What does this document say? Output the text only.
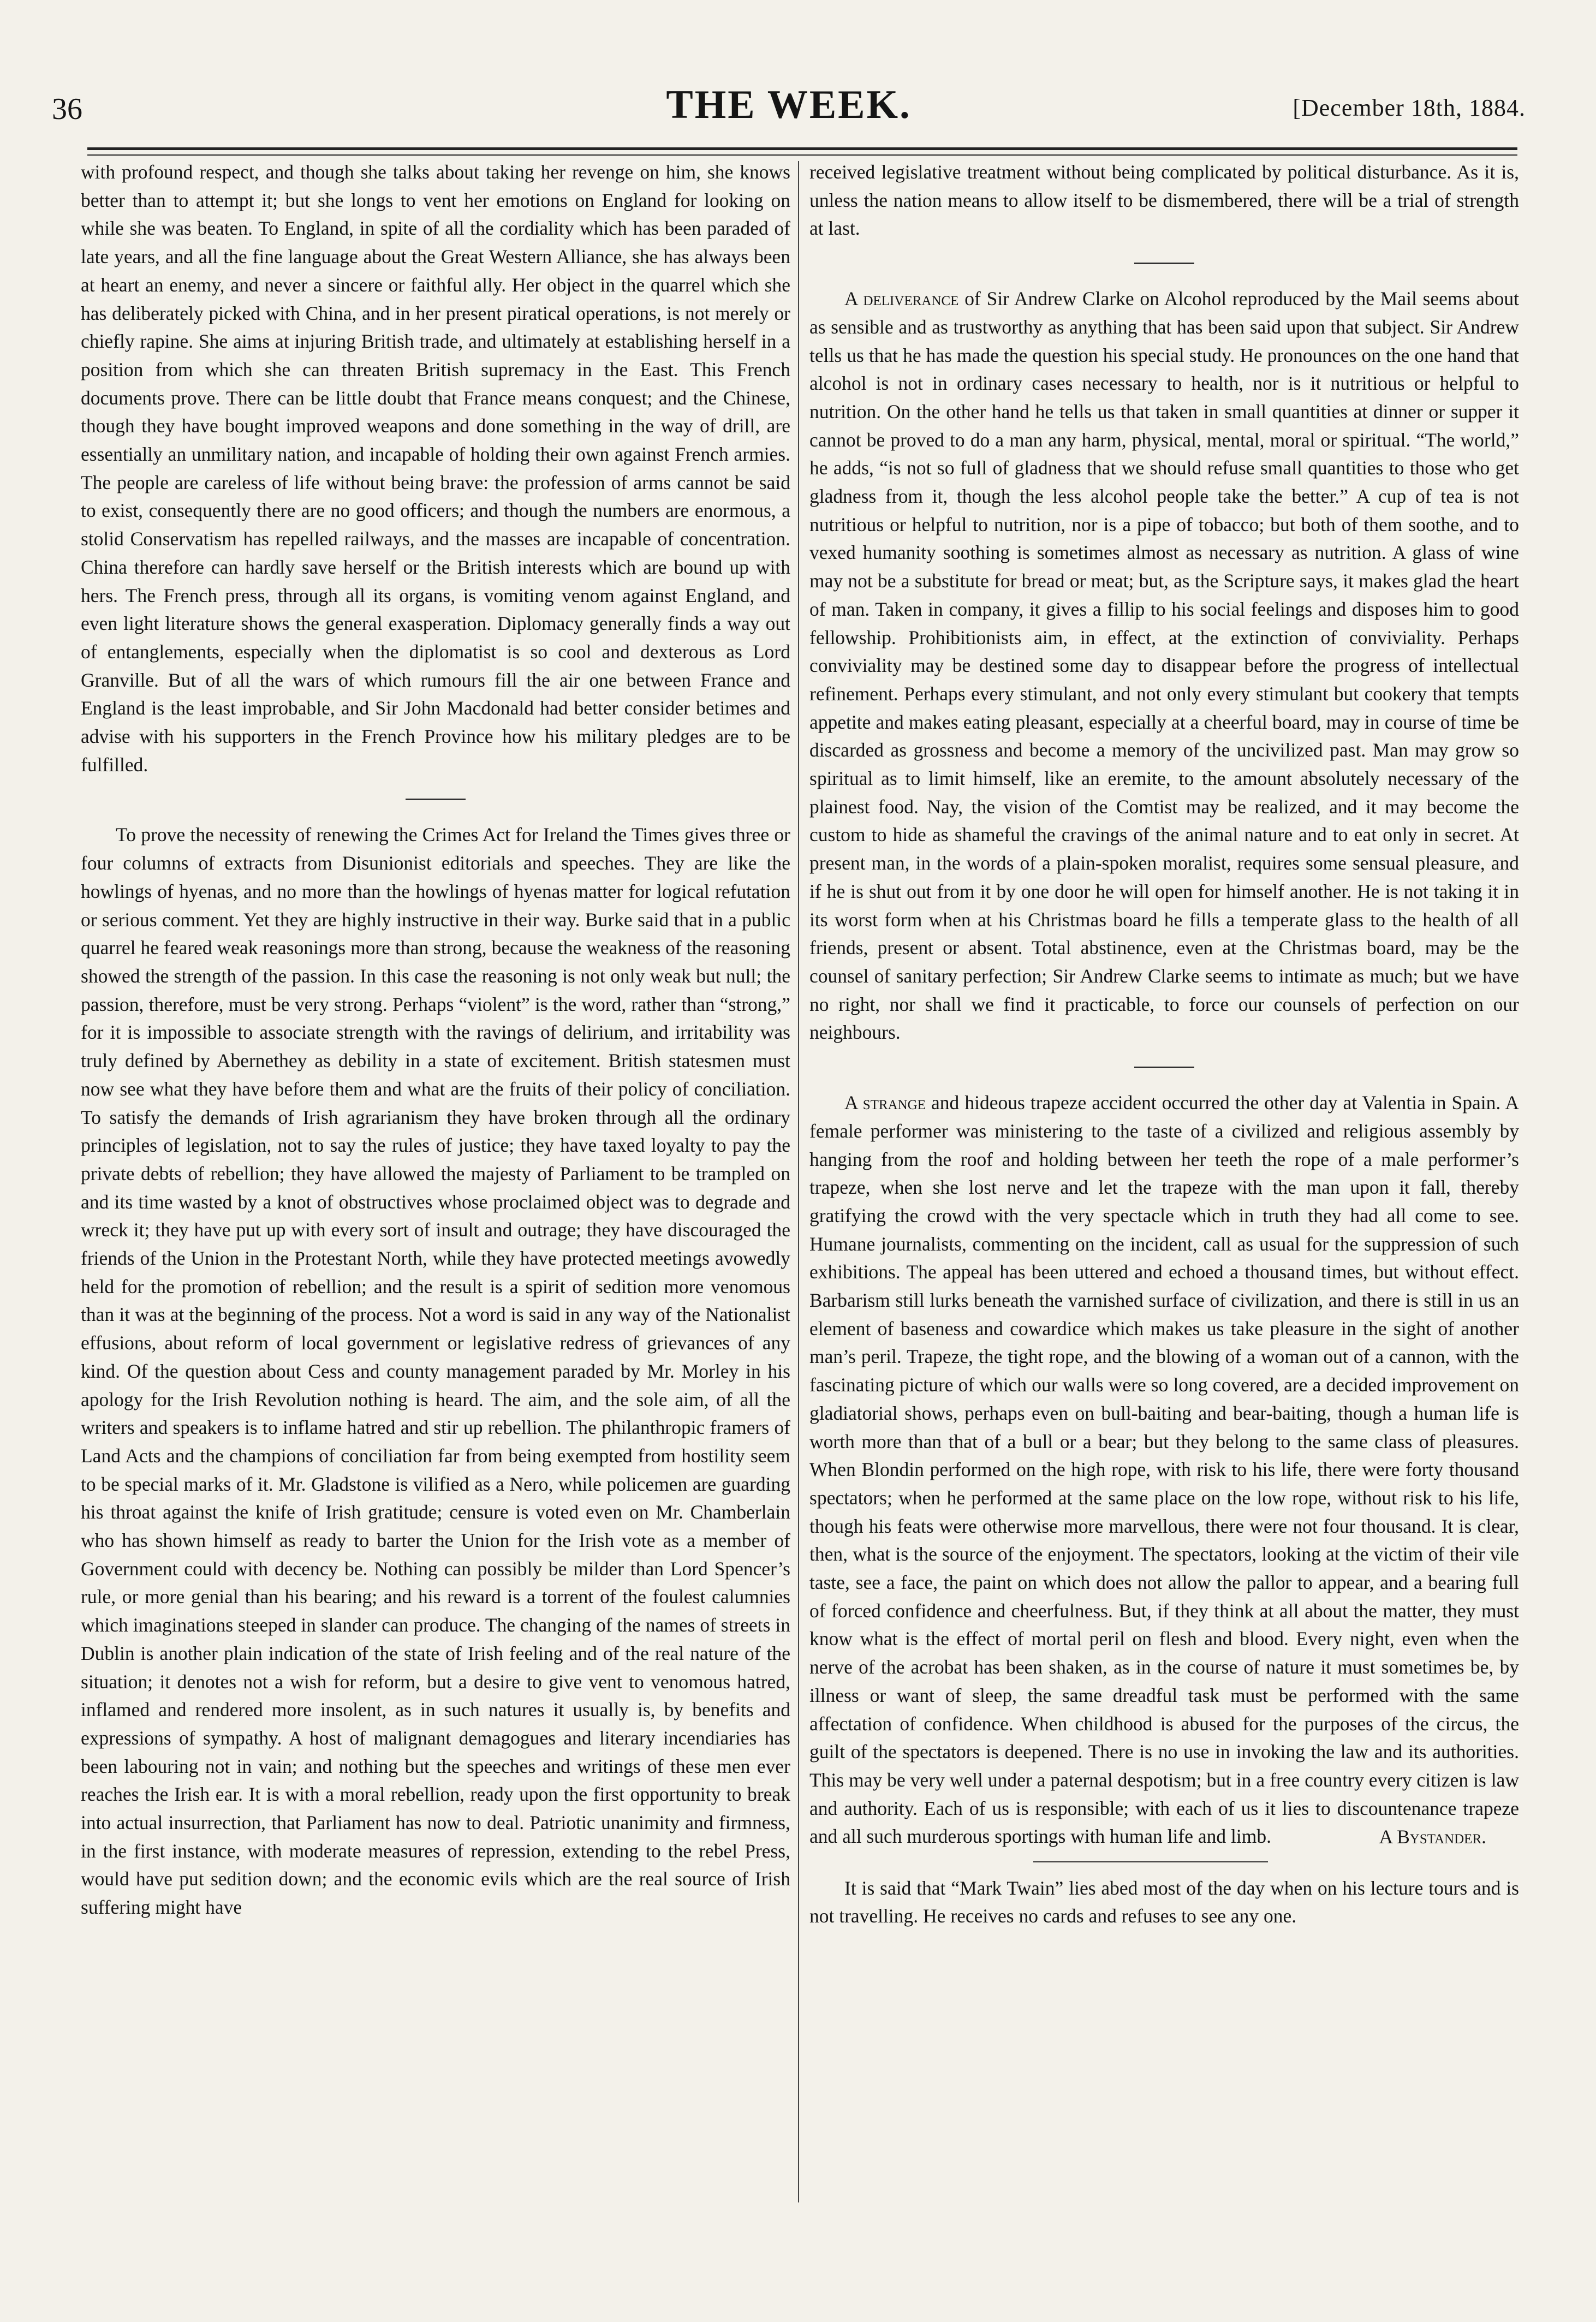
36	THE WEEK.	[December 18th, 1884.

with profound respect, and though she talks about taking her revenge on him, she knows better than to attempt it; but she longs to vent her emotions on England for looking on while she was beaten. To England, in spite of all the cordiality which has been paraded of late years, and all the fine language about the Great Western Alliance, she has always been at heart an enemy, and never a sincere or faithful ally. Her object in the quarrel which she has deliberately picked with China, and in her present piratical operations, is not merely or chiefly rapine. She aims at injuring British trade, and ultimately at establishing herself in a position from which she can threaten British supremacy in the East. This French documents prove. There can be little doubt that France means conquest; and the Chinese, though they have bought improved weapons and done something in the way of drill, are essentially an unmilitary nation, and incapable of holding their own against French armies. The people are careless of life without being brave: the profession of arms cannot be said to exist, consequently there are no good officers; and though the numbers are enormous, a stolid Conservatism has repelled railways, and the masses are incapable of concentration. China therefore can hardly save herself or the British interests which are bound up with hers. The French press, through all its organs, is vomiting venom against England, and even light literature shows the general exasperation. Diplomacy generally finds a way out of entanglements, especially when the diplomatist is so cool and dexterous as Lord Granville. But of all the wars of which rumours fill the air one between France and England is the least improbable, and Sir John Macdonald had better consider betimes and advise with his supporters in the French Province how his military pledges are to be fulfilled.

To prove the necessity of renewing the Crimes Act for Ireland the Times gives three or four columns of extracts from Disunionist editorials and speeches. They are like the howlings of hyenas, and no more than the howlings of hyenas matter for logical refutation or serious comment. Yet they are highly instructive in their way. Burke said that in a public quarrel he feared weak reasonings more than strong, because the weakness of the reasoning showed the strength of the passion. In this case the reasoning is not only weak but null; the passion, therefore, must be very strong. Perhaps “violent” is the word, rather than “strong,” for it is impossible to associate strength with the ravings of delirium, and irritability was truly defined by Abernethey as debility in a state of excitement. British statesmen must now see what they have before them and what are the fruits of their policy of conciliation. To satisfy the demands of Irish agrarianism they have broken through all the ordinary principles of legislation, not to say the rules of justice; they have taxed loyalty to pay the private debts of rebellion; they have allowed the majesty of Parliament to be trampled on and its time wasted by a knot of obstructives whose proclaimed object was to degrade and wreck it; they have put up with every sort of insult and outrage; they have discouraged the friends of the Union in the Protestant North, while they have protected meetings avowedly held for the promotion of rebellion; and the result is a spirit of sedition more venomous than it was at the beginning of the process. Not a word is said in any way of the Nationalist effusions, about reform of local government or legislative redress of grievances of any kind. Of the question about Cess and county management paraded by Mr. Morley in his apology for the Irish Revolution nothing is heard. The aim, and the sole aim, of all the writers and speakers is to inflame hatred and stir up rebellion. The philanthropic framers of Land Acts and the champions of conciliation far from being exempted from hostility seem to be special marks of it. Mr. Gladstone is vilified as a Nero, while policemen are guarding his throat against the knife of Irish gratitude; censure is voted even on Mr. Chamberlain who has shown himself as ready to barter the Union for the Irish vote as a member of Government could with decency be. Nothing can possibly be milder than Lord Spencer’s rule, or more genial than his bearing; and his reward is a torrent of the foulest calumnies which imaginations steeped in slander can produce. The changing of the names of streets in Dublin is another plain indication of the state of Irish feeling and of the real nature of the situation; it denotes not a wish for reform, but a desire to give vent to venomous hatred, inflamed and rendered more insolent, as in such natures it usually is, by benefits and expressions of sympathy. A host of malignant demagogues and literary incendiaries has been labouring not in vain; and nothing but the speeches and writings of these men ever reaches the Irish ear. It is with a moral rebellion, ready upon the first opportunity to break into actual insurrection, that Parliament has now to deal. Patriotic unanimity and firmness, in the first instance, with moderate measures of repression, extending to the rebel Press, would have put sedition down; and the economic evils which are the real source of Irish suffering might have

received legislative treatment without being complicated by political disturbance. As it is, unless the nation means to allow itself to be dismembered, there will be a trial of strength at last.

A deliverance of Sir Andrew Clarke on Alcohol reproduced by the Mail seems about as sensible and as trustworthy as anything that has been said upon that subject. Sir Andrew tells us that he has made the question his special study. He pronounces on the one hand that alcohol is not in ordinary cases necessary to health, nor is it nutritious or helpful to nutrition. On the other hand he tells us that taken in small quantities at dinner or supper it cannot be proved to do a man any harm, physical, mental, moral or spiritual. “The world,” he adds, “is not so full of gladness that we should refuse small quantities to those who get gladness from it, though the less alcohol people take the better.” A cup of tea is not nutritious or helpful to nutrition, nor is a pipe of tobacco; but both of them soothe, and to vexed humanity soothing is sometimes almost as necessary as nutrition. A glass of wine may not be a substitute for bread or meat; but, as the Scripture says, it makes glad the heart of man. Taken in company, it gives a fillip to his social feelings and disposes him to good fellowship. Prohibitionists aim, in effect, at the extinction of conviviality. Perhaps conviviality may be destined some day to disappear before the progress of intellectual refinement. Perhaps every stimulant, and not only every stimulant but cookery that tempts appetite and makes eating pleasant, especially at a cheerful board, may in course of time be discarded as grossness and become a memory of the uncivilized past. Man may grow so spiritual as to limit himself, like an eremite, to the amount absolutely necessary of the plainest food. Nay, the vision of the Comtist may be realized, and it may become the custom to hide as shameful the cravings of the animal nature and to eat only in secret. At present man, in the words of a plain-spoken moralist, requires some sensual pleasure, and if he is shut out from it by one door he will open for himself another. He is not taking it in its worst form when at his Christmas board he fills a temperate glass to the health of all friends, present or absent. Total abstinence, even at the Christmas board, may be the counsel of sanitary perfection; Sir Andrew Clarke seems to intimate as much; but we have no right, nor shall we find it practicable, to force our counsels of perfection on our neighbours.

A strange and hideous trapeze accident occurred the other day at Valentia in Spain. A female performer was ministering to the taste of a civilized and religious assembly by hanging from the roof and holding between her teeth the rope of a male performer’s trapeze, when she lost nerve and let the trapeze with the man upon it fall, thereby gratifying the crowd with the very spectacle which in truth they had all come to see. Humane journalists, commenting on the incident, call as usual for the suppression of such exhibitions. The appeal has been uttered and echoed a thousand times, but without effect. Barbarism still lurks beneath the varnished surface of civilization, and there is still in us an element of baseness and cowardice which makes us take pleasure in the sight of another man’s peril. Trapeze, the tight rope, and the blowing of a woman out of a cannon, with the fascinating picture of which our walls were so long covered, are a decided improvement on gladiatorial shows, perhaps even on bull-baiting and bear-baiting, though a human life is worth more than that of a bull or a bear; but they belong to the same class of pleasures. When Blondin performed on the high rope, with risk to his life, there were forty thousand spectators; when he performed at the same place on the low rope, without risk to his life, though his feats were otherwise more marvellous, there were not four thousand. It is clear, then, what is the source of the enjoyment. The spectators, looking at the victim of their vile taste, see a face, the paint on which does not allow the pallor to appear, and a bearing full of forced confidence and cheerfulness. But, if they think at all about the matter, they must know what is the effect of mortal peril on flesh and blood. Every night, even when the nerve of the acrobat has been shaken, as in the course of nature it must sometimes be, by illness or want of sleep, the same dreadful task must be performed with the same affectation of confidence. When childhood is abused for the purposes of the circus, the guilt of the spectators is deepened. There is no use in invoking the law and its authorities. This may be very well under a paternal despotism; but in a free country every citizen is law and authority. Each of us is responsible; with each of us it lies to discountenance trapeze and all such murderous sportings with human life and limb.	A Bystander.

It is said that “Mark Twain” lies abed most of the day when on his lecture tours and is not travelling. He receives no cards and refuses to see any one.
